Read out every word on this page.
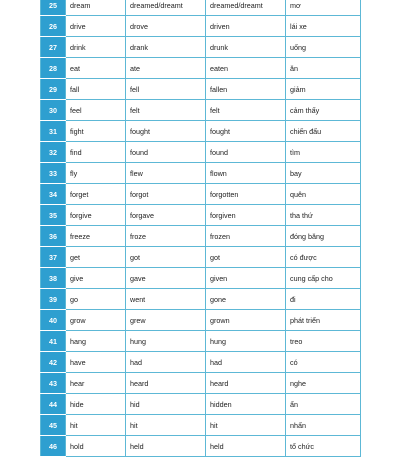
25	dream	dreamed/dreamt	dreamed/dreamt	mơ
26	drive	drove	driven	lái xe
27	drink	drank	drunk	uống
28	eat	ate	eaten	ăn
29	fall	fell	fallen	giảm
30	feel	felt	felt	cảm thấy
31	fight	fought	fought	chiến đấu
32	find	found	found	tìm
33	fly	flew	flown	bay
34	forget	forgot	forgotten	quên
35	forgive	forgave	forgiven	tha thứ
36	freeze	froze	frozen	đóng băng
37	get	got	got	có được
38	give	gave	given	cung cấp cho
39	go	went	gone	đi
40	grow	grew	grown	phát triển
41	hang	hung	hung	treo
42	have	had	had	có
43	hear	heard	heard	nghe
44	hide	hid	hidden	ẩn
45	hit	hit	hit	nhấn
46	hold	held	held	tổ chức
